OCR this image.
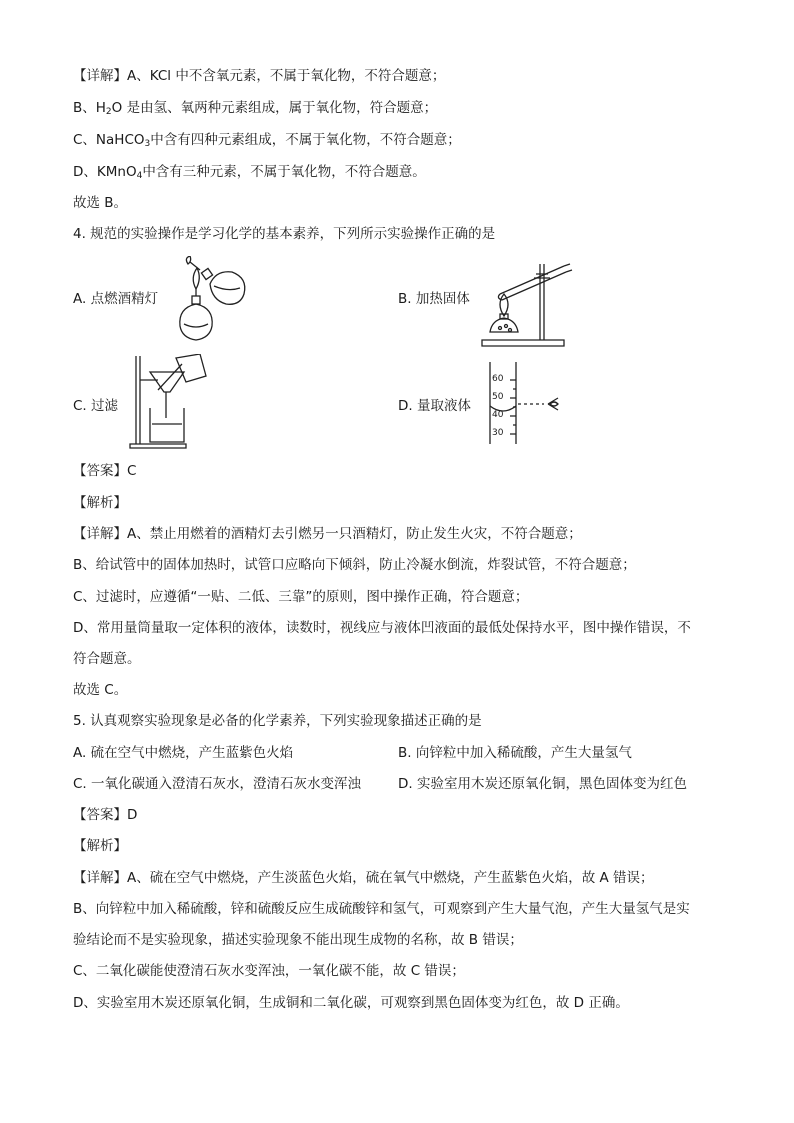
【详解】A、KCl 中不含氧元素，不属于氧化物，不符合题意；
B、$H_2O$ 是由氢、氧两种元素组成，属于氧化物，符合题意；
C、NaHCO$_3$中含有四种元素组成，不属于氧化物，不符合题意；
D、KMnO$_4$中含有三种元素，不属于氧化物，不符合题意。
故选 B。
4. 规范的实验操作是学习化学的基本素养，下列所示实验操作正确的是
A. 点燃酒精灯	B. 加热固体
C. 过滤	D. 量取液体
60
50
40
30
【答案】C
【解析】
【详解】A、禁止用燃着的酒精灯去引燃另一只酒精灯，防止发生火灾，不符合题意；
B、给试管中的固体加热时，试管口应略向下倾斜，防止冷凝水倒流，炸裂试管，不符合题意；
C、过滤时，应遵循“一贴、二低、三靠”的原则，图中操作正确，符合题意；
D、常用量筒量取一定体积的液体，读数时，视线应与液体凹液面的最低处保持水平，图中操作错误，不
符合题意。
故选 C。
5. 认真观察实验现象是必备的化学素养，下列实验现象描述正确的是
A. 硫在空气中燃烧，产生蓝紫色火焰	B. 向锌粒中加入稀硫酸，产生大量氢气
C. 一氧化碳通入澄清石灰水，澄清石灰水变浑浊	D. 实验室用木炭还原氧化铜，黑色固体变为红色
【答案】D
【解析】
【详解】A、硫在空气中燃烧，产生淡蓝色火焰，硫在氧气中燃烧，产生蓝紫色火焰，故 A 错误；
B、向锌粒中加入稀硫酸，锌和硫酸反应生成硫酸锌和氢气，可观察到产生大量气泡，产生大量氢气是实
验结论而不是实验现象，描述实验现象不能出现生成物的名称，故 B 错误；
C、二氧化碳能使澄清石灰水变浑浊，一氧化碳不能，故 C 错误；
D、实验室用木炭还原氧化铜，生成铜和二氧化碳，可观察到黑色固体变为红色，故 D 正确。
